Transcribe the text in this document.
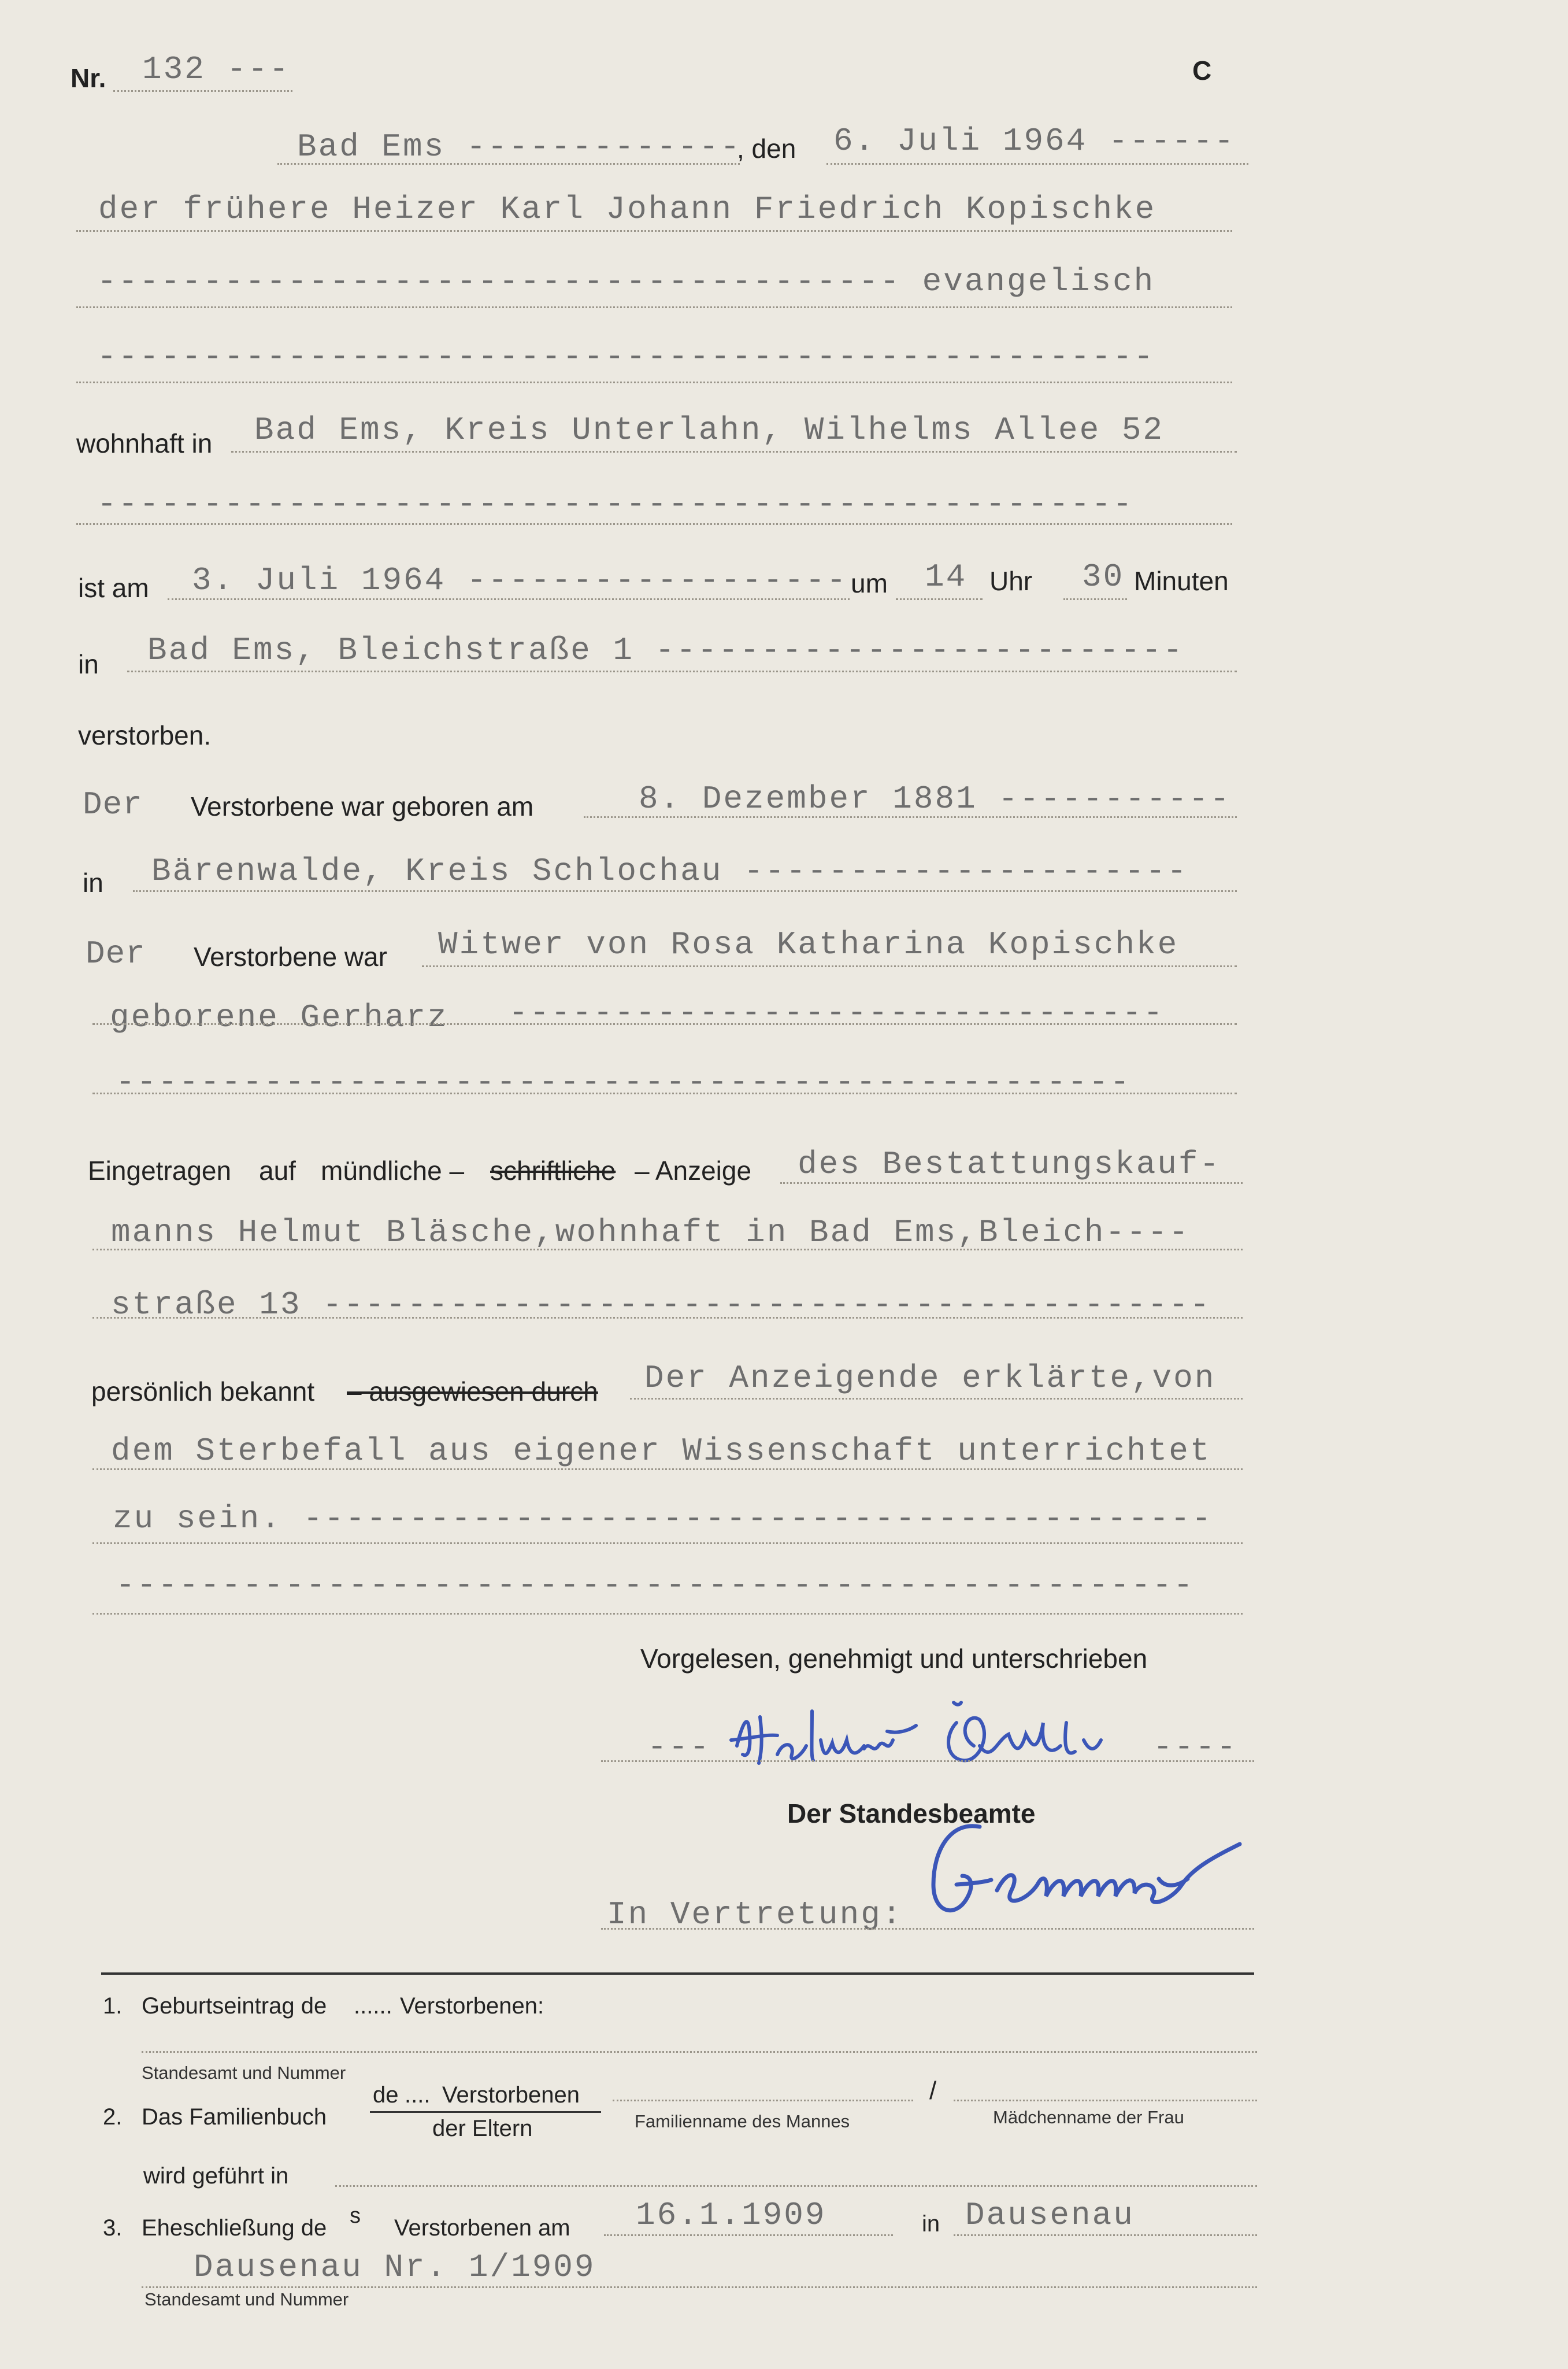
Nr. 132 ---	C
Bad Ems -------------
, den 6. Juli 1964 ------
der frühere Heizer Karl Johann Friedrich Kopischke
-------------------------------------- evangelisch
--------------------------------------------------
wohnhaft in Bad Ems, Kreis Unterlahn, Wilhelms Allee 52
-------------------------------------------------
ist am 3. Juli 1964 ------------------ um 14 Uhr 30 Minuten
in Bad Ems, Bleichstraße 1 -------------------------
verstorben.
Der Verstorbene war geboren am	8. Dezember 1881 -----------
in Bärenwalde, Kreis Schlochau ---------------------
Der Verstorbene war Witwer von Rosa Katharina Kopischke
geborene Gerharz -------------------------------
------------------------------------------------
Eingetragen auf mündliche – schriftliche – Anzeige des Bestattungskauf-
manns Helmut Bläsche,wohnhaft in Bad Ems,Bleich----
straße 13 ------------------------------------------
persönlich bekannt – ausgewiesen durch Der Anzeigende erklärte,von
dem Sterbefall aus eigener Wissenschaft unterrichtet
zu sein. -------------------------------------------
---------------------------------------------------
Vorgelesen, genehmigt und unterschrieben
---	----
Der Standesbeamte
In Vertretung:
1. Geburtseintrag de ...... Verstorbenen:
Standesamt und Nummer
2. Das Familienbuch
de .... Verstorbenen
der Eltern	Familienname des Mannes
/
Mädchenname der Frau
wird geführt in
3. Eheschließung de s Verstorbenen am 16.1.1909	in Dausenau
Dausenau Nr. 1/1909
Standesamt und Nummer
